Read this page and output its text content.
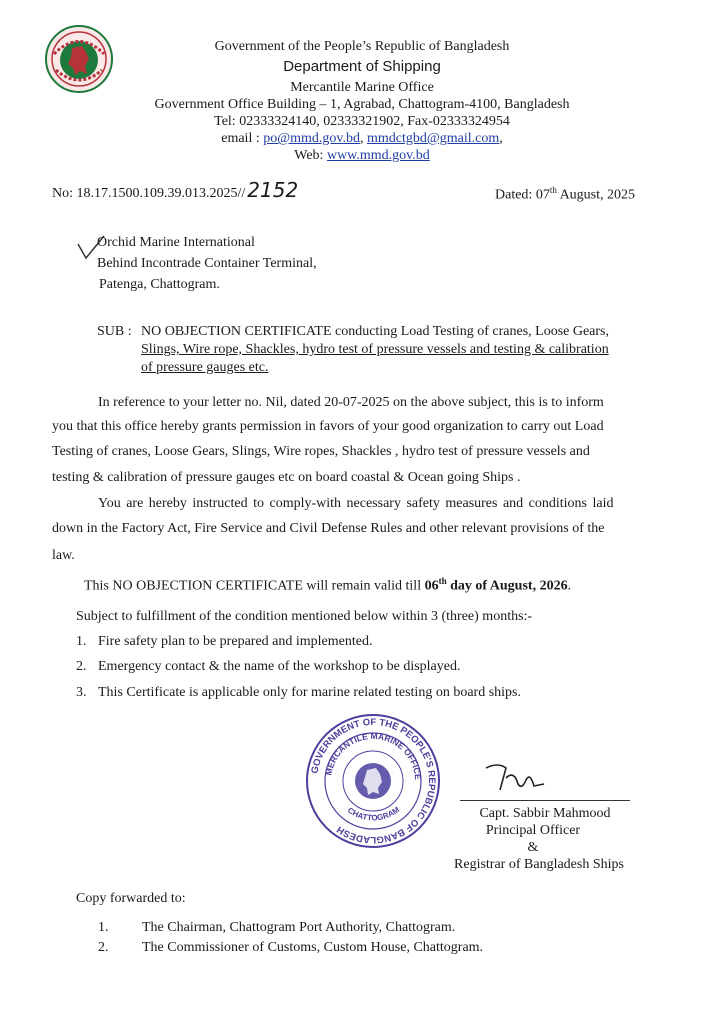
Government of the People’s Republic of Bangladesh
Department of Shipping
Mercantile Marine Office
Government Office Building – 1, Agrabad, Chattogram-4100, Bangladesh
Tel: 02333324140, 02333321902, Fax-02333324954
email : po@mmd.gov.bd, mmdctgbd@gmail.com,
Web: www.mmd.gov.bd
No: 18.17.1500.109.39.013.2025// 2152	Dated: 07th August, 2025
Orchid Marine International
Behind Incontrade Container Terminal,
Patenga, Chattogram.
SUB : NO OBJECTION CERTIFICATE conducting Load Testing of cranes, Loose Gears,
Slings, Wire rope, Shackles, hydro test of pressure vessels and testing & calibration
of pressure gauges etc.
In reference to your letter no. Nil, dated 20-07-2025 on the above subject, this is to inform
you that this office hereby grants permission in favors of your good organization to carry out Load
Testing of cranes, Loose Gears, Slings, Wire ropes, Shackles , hydro test of pressure vessels and
testing & calibration of pressure gauges etc on board coastal & Ocean going Ships .
You are hereby instructed to comply-with necessary safety measures and conditions laid
down in the Factory Act, Fire Service and Civil Defense Rules and other relevant provisions of the
law.
This NO OBJECTION CERTIFICATE will remain valid till 06th day of August, 2026.
Subject to fulfillment of the condition mentioned below within 3 (three) months:-
1. Fire safety plan to be prepared and implemented.
2. Emergency contact & the name of the workshop to be displayed.
3. This Certificate is applicable only for marine related testing on board ships.
GOVERNMENT OF THE PEOPLE'S REPUBLIC OF BANGLADESH
MERCANTILE MARINE OFFICE
CHATTOGRAM	Capt. Sabbir Mahmood
Principal Officer
&
Registrar of Bangladesh Ships
Copy forwarded to:
1. The Chairman, Chattogram Port Authority, Chattogram.
2. The Commissioner of Customs, Custom House, Chattogram.
